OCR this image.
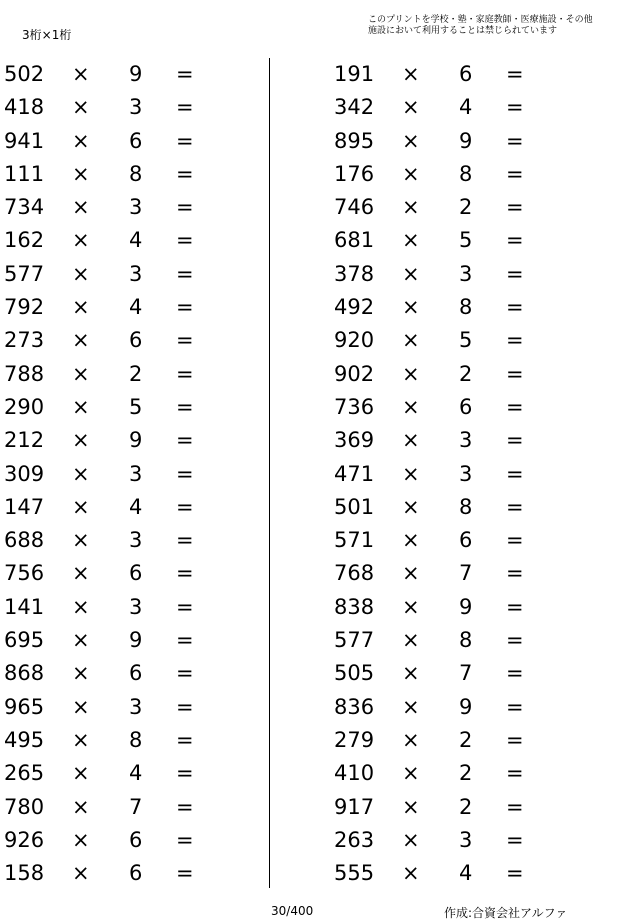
3桁×1桁
このプリントを学校・塾・家庭教師・医療施設・その他
施設において利用することは禁じられています
502 × 9 =
418 × 3 =
941 × 6 =
111 × 8 =
734 × 3 =
162 × 4 =
577 × 3 =
792 × 4 =
273 × 6 =
788 × 2 =
290 × 5 =
212 × 9 =
309 × 3 =
147 × 4 =
688 × 3 =
756 × 6 =
141 × 3 =
695 × 9 =
868 × 6 =
965 × 3 =
495 × 8 =
265 × 4 =
780 × 7 =
926 × 6 =
158 × 6 =
191 × 6 =
342 × 4 =
895 × 9 =
176 × 8 =
746 × 2 =
681 × 5 =
378 × 3 =
492 × 8 =
920 × 5 =
902 × 2 =
736 × 6 =
369 × 3 =
471 × 3 =
501 × 8 =
571 × 6 =
768 × 7 =
838 × 9 =
577 × 8 =
505 × 7 =
836 × 9 =
279 × 2 =
410 × 2 =
917 × 2 =
263 × 3 =
555 × 4 =
30/400	作成:合資会社アルファ
